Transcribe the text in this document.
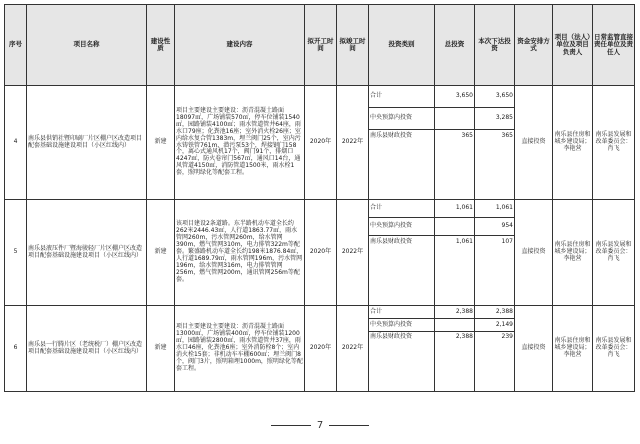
序号	项目名称	建设性质	建设内容	拟开工时间	拟竣工时间	投资类别	总投资	本次下达投资	资金安排方式	项目（法人）单位及项目负责人	日常监管直接责任单位及责任人
4	南乐县供销社暨印刷厂片区棚户区改造项目配套基础设施建设项目（小区红线内）	新建	项目主要建设主要建设：沥青混凝土路面18097㎡，广场铺装570㎡，停车位铺装1540㎡，园路铺装4100㎡；雨水管道管井64座，雨水口79座；化粪池16座；室外消火栓26座；室内给水复合管1383m，埋兰阀门25个，室内污水铸铁管761m，潜污泵53个，焊接钢门158个，离心式通风机17个，阀门91个，排烟口4247㎡，防火卷帘门567㎡，通风口14台，通风管道4150㎡，消防管道1500米，雨水栓1套，照明绿化等配套工程。	2020年	2022年	合计	3,650	3,650	直接投资	南乐县住房和城乡建设局；李艳营	南乐县发展和改革委员会：肖飞
						中央预算内投资		3,285			
						南乐县财政投资	365	365			
5	南乐县液压件厂暨海骏轻厂片区棚户区改造项目配套基础设施建设项目（小区红线内）	新建	该项目建设2条道路。东半路机动车道全长约262米2446.43㎡，人行道1863.77㎡，雨水管网260m，污水管网260m，给水管网390m，燃气管网310m，电力排管322m等配套。繁盛路机动车道全长约198米1876.84㎡，人行道1689.79㎡，雨水管网196m，污水管网196m，给水管网316m，电力排管管网256m，燃气管网200m，通讯管网256m等配套。	2020年	2022年	合计	1,061	1,061	直接投资	南乐县住房和城乡建设局；李艳营	南乐县发展和改革委员会：肖飞
						中央预算内投资		954			
						南乐县财政投资	1,061	107			
6	南乐县一行腾片区（老统税厂）棚户区改造项目配套基础设施建设项目（小区红线内）	新建	项目主要建设主要建设：沥青混凝土路面13000㎡，广场铺装400㎡，停车位铺装1200㎡，园路铺装2800㎡，雨水管道管井37座，雨水口46座，化粪池6座；室外消防栓8个；室内消火栓15套；非机动车车棚600㎡；埋兰阀门8个，阀门3片，照明箱埋1000m，照明绿化等配套工程。	2020年	2022年	合计	2,388	2,388	直接投资	南乐县住房和城乡建设局；李艳营	南乐县发展和改革委员会：肖飞
						中央预算内投资		2,149			
						南乐县财政投资	2,388	239			
7
